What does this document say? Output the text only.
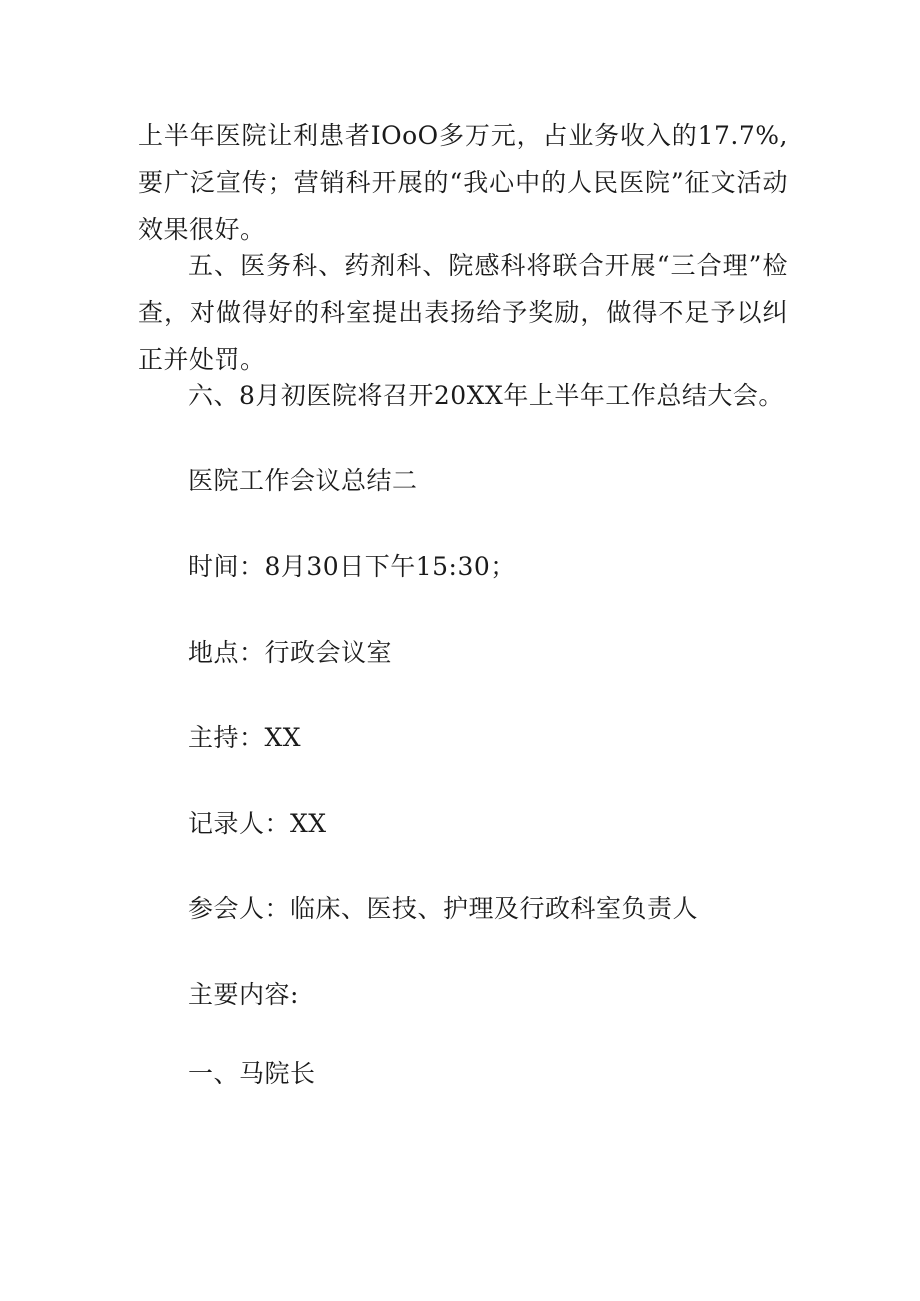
上半年医院让利患者IOoO多万元，占业务收入的17.7%,要广泛宣传；营销科开展的“我心中的人民医院”征文活动效果很好。

五、医务科、药剂科、院感科将联合开展“三合理”检查，对做得好的科室提出表扬给予奖励，做得不足予以纠正并处罚。

六、8月初医院将召开20XX年上半年工作总结大会。

医院工作会议总结二

时间：8月30日下午15:30；

地点：行政会议室

主持：XX

记录人：XX

参会人：临床、医技、护理及行政科室负责人

主要内容:

一、马院长
